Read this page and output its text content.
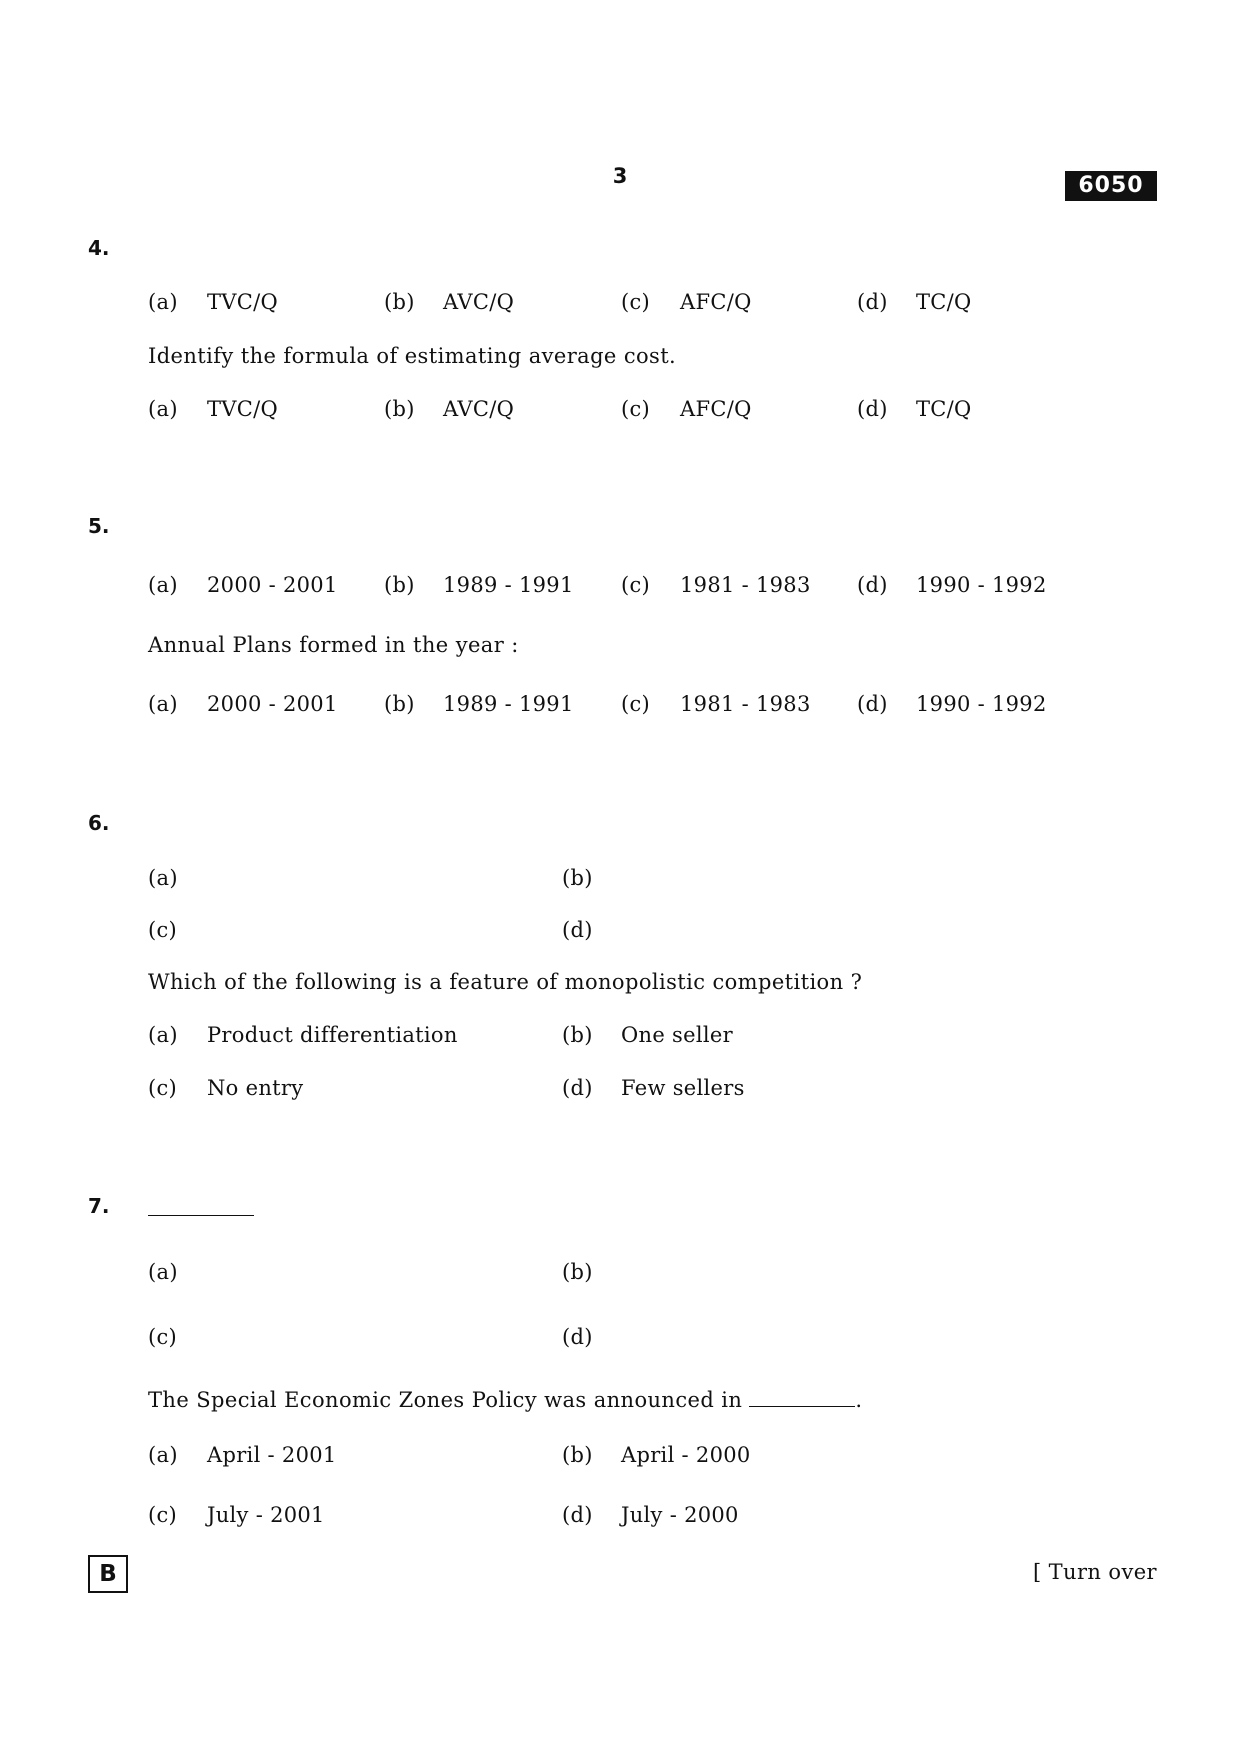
3	6050
4.
(a) TVC/Q	(b) AVC/Q	(c) AFC/Q	(d) TC/Q
Identify the formula of estimating average cost.
(a) TVC/Q	(b) AVC/Q	(c) AFC/Q	(d) TC/Q
5.
(a) 2000 - 2001 (b) 1989 - 1991 (c) 1981 - 1983 (d) 1990 - 1992
Annual Plans formed in the year :
(a) 2000 - 2001 (b) 1989 - 1991 (c) 1981 - 1983 (d) 1990 - 1992
6.
(a)	(b)
(c)	(d)
Which of the following is a feature of monopolistic competition ?
(a) Product differentiation	(b) One seller
(c) No entry	(d) Few sellers
7.
(a)	(b)
(c)	(d)
The Special Economic Zones Policy was announced in	.
(a) April - 2001	(b) April - 2000
(c) July - 2001	(d) July - 2000
B	[ Turn over
